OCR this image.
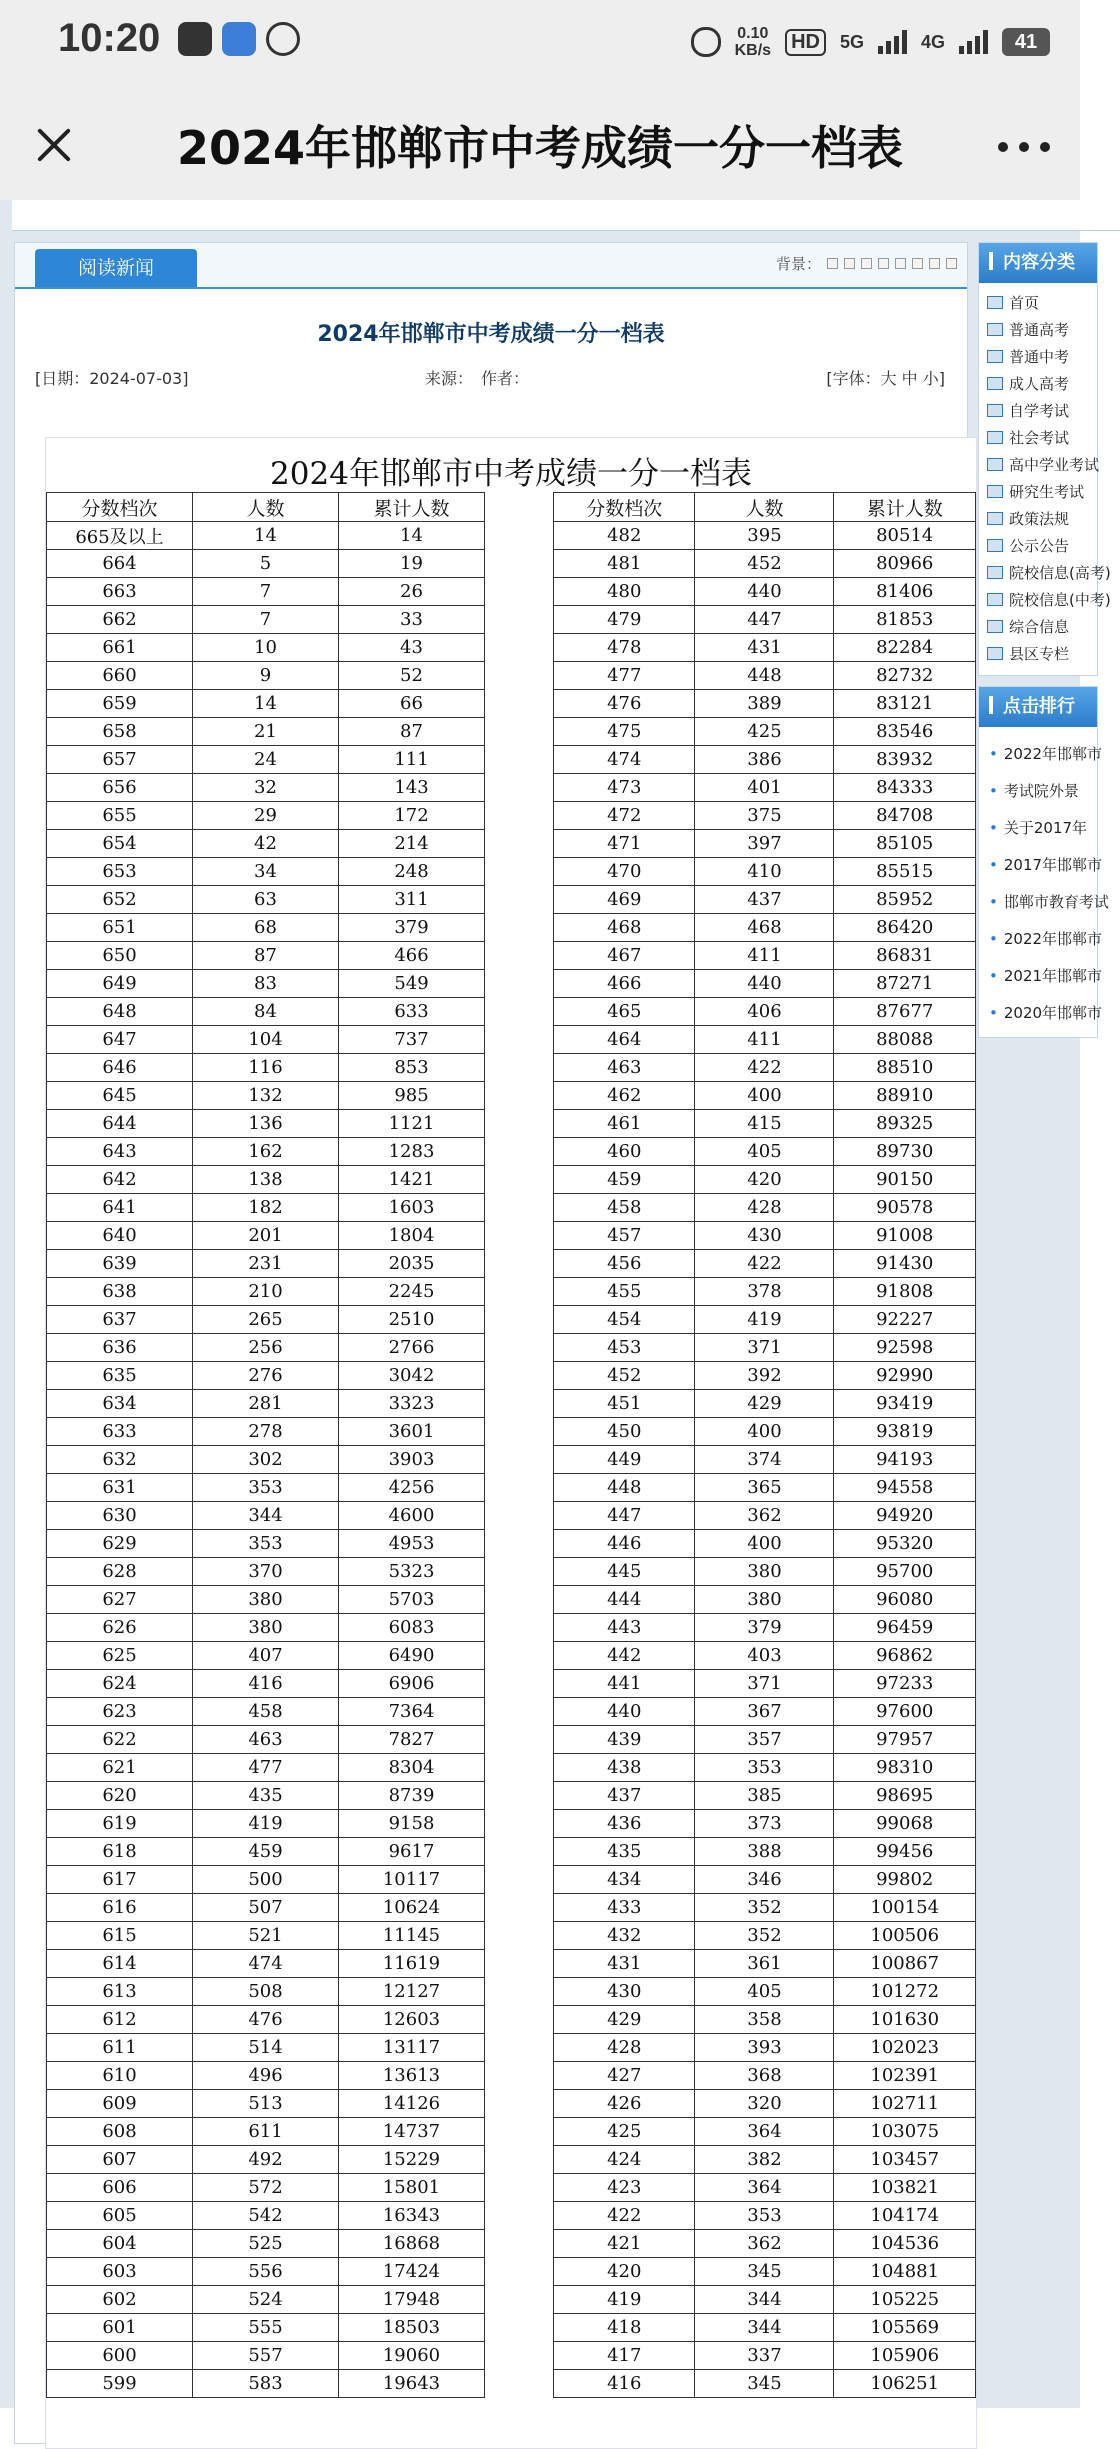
10:20	0.10
KB/s	HD	5G	4G	41
2024年邯郸市中考成绩一分一档表
阅读新闻	背景：
2024年邯郸市中考成绩一分一档表
[日期：2024-07-03]	来源：　作者：	[字体：大 中 小]
2024年邯郸市中考成绩一分一档表
分数档次	人数	累计人数
665及以上	14	14
664	5	19
663	7	26
662	7	33
661	10	43
660	9	52
659	14	66
658	21	87
657	24	111
656	32	143
655	29	172
654	42	214
653	34	248
652	63	311
651	68	379
650	87	466
649	83	549
648	84	633
647	104	737
646	116	853
645	132	985
644	136	1121
643	162	1283
642	138	1421
641	182	1603
640	201	1804
639	231	2035
638	210	2245
637	265	2510
636	256	2766
635	276	3042
634	281	3323
633	278	3601
632	302	3903
631	353	4256
630	344	4600
629	353	4953
628	370	5323
627	380	5703
626	380	6083
625	407	6490
624	416	6906
623	458	7364
622	463	7827
621	477	8304
620	435	8739
619	419	9158
618	459	9617
617	500	10117
616	507	10624
615	521	11145
614	474	11619
613	508	12127
612	476	12603
611	514	13117
610	496	13613
609	513	14126
608	611	14737
607	492	15229
606	572	15801
605	542	16343
604	525	16868
603	556	17424
602	524	17948
601	555	18503
600	557	19060
599	583	19643
分数档次	人数	累计人数
482	395	80514
481	452	80966
480	440	81406
479	447	81853
478	431	82284
477	448	82732
476	389	83121
475	425	83546
474	386	83932
473	401	84333
472	375	84708
471	397	85105
470	410	85515
469	437	85952
468	468	86420
467	411	86831
466	440	87271
465	406	87677
464	411	88088
463	422	88510
462	400	88910
461	415	89325
460	405	89730
459	420	90150
458	428	90578
457	430	91008
456	422	91430
455	378	91808
454	419	92227
453	371	92598
452	392	92990
451	429	93419
450	400	93819
449	374	94193
448	365	94558
447	362	94920
446	400	95320
445	380	95700
444	380	96080
443	379	96459
442	403	96862
441	371	97233
440	367	97600
439	357	97957
438	353	98310
437	385	98695
436	373	99068
435	388	99456
434	346	99802
433	352	100154
432	352	100506
431	361	100867
430	405	101272
429	358	101630
428	393	102023
427	368	102391
426	320	102711
425	364	103075
424	382	103457
423	364	103821
422	353	104174
421	362	104536
420	345	104881
419	344	105225
418	344	105569
417	337	105906
416	345	106251
内容分类
首页
普通高考
普通中考
成人高考
自学考试
社会考试
高中学业考试
研究生考试
政策法规
公示公告
院校信息(高考)
院校信息(中考)
综合信息
县区专栏
点击排行
• 2022年邯郸市
• 考试院外景
• 关于2017年
• 2017年邯郸市
• 邯郸市教育考试
• 2022年邯郸市
• 2021年邯郸市
• 2020年邯郸市
